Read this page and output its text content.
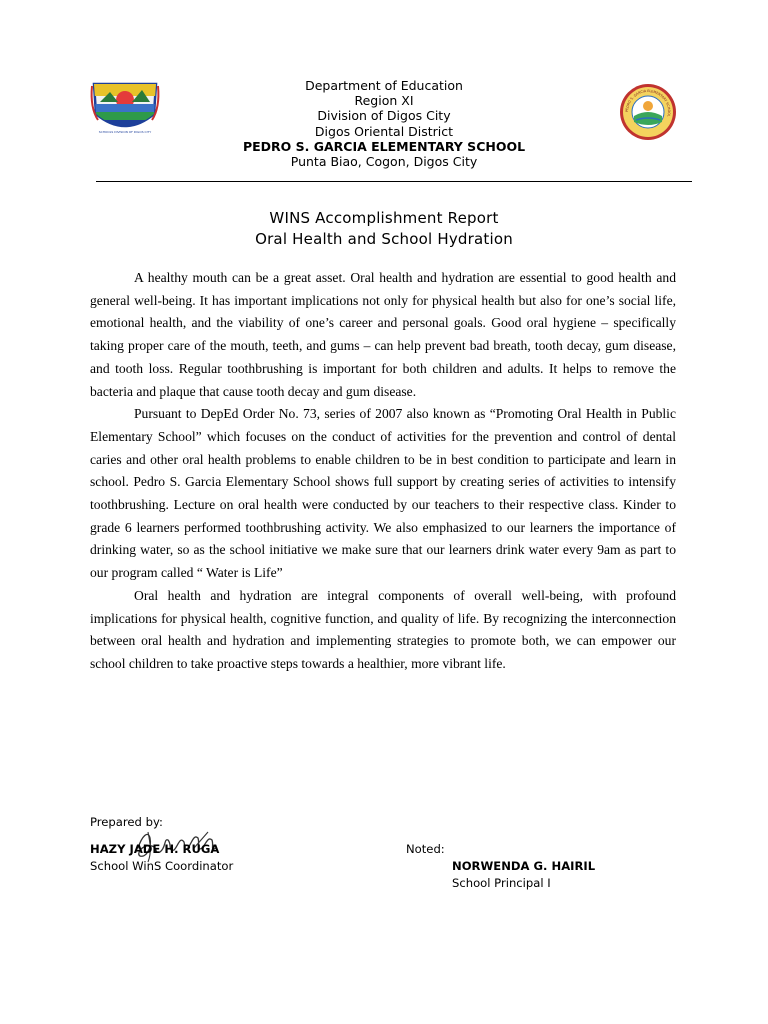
SCHOOLS DIVISION OF DIGOS CITY
Department of Education
Region XI
Division of Digos City
Digos Oriental District
PEDRO S. GARCIA ELEMENTARY SCHOOL
Punta Biao, Cogon, Digos City
PEDRO S. GARCIA ELEMENTARY SCHOOL
WINS Accomplishment Report
Oral Health and School Hydration

A healthy mouth can be a great asset. Oral health and hydration are essential to good health and general well-being. It has important implications not only for physical health but also for one’s social life, emotional health, and the viability of one’s career and personal goals. Good oral hygiene – specifically taking proper care of the mouth, teeth, and gums – can help prevent bad breath, tooth decay, gum disease, and tooth loss. Regular toothbrushing is important for both children and adults. It helps to remove the bacteria and plaque that cause tooth decay and gum disease.

Pursuant to DepEd Order No. 73, series of 2007 also known as “Promoting Oral Health in Public Elementary School” which focuses on the conduct of activities for the prevention and control of dental caries and other oral health problems to enable children to be in best condition to participate and learn in school. Pedro S. Garcia Elementary School shows full support by creating series of activities to intensify toothbrushing. Lecture on oral health were conducted by our teachers to their respective class. Kinder to grade 6 learners performed toothbrushing activity. We also emphasized to our learners the importance of drinking water, so as the school initiative we make sure that our learners drink water every 9am as part to our program called “ Water is Life”

Oral health and hydration are integral components of overall well-being, with profound implications for physical health, cognitive function, and quality of life. By recognizing the interconnection between oral health and hydration and implementing strategies to promote both, we can empower our school children to take proactive steps towards a healthier, more vibrant life.

Prepared by:
HAZY JADE H. RUGA
School WinS Coordinator
Noted:
NORWENDA G. HAIRIL
School Principal I
